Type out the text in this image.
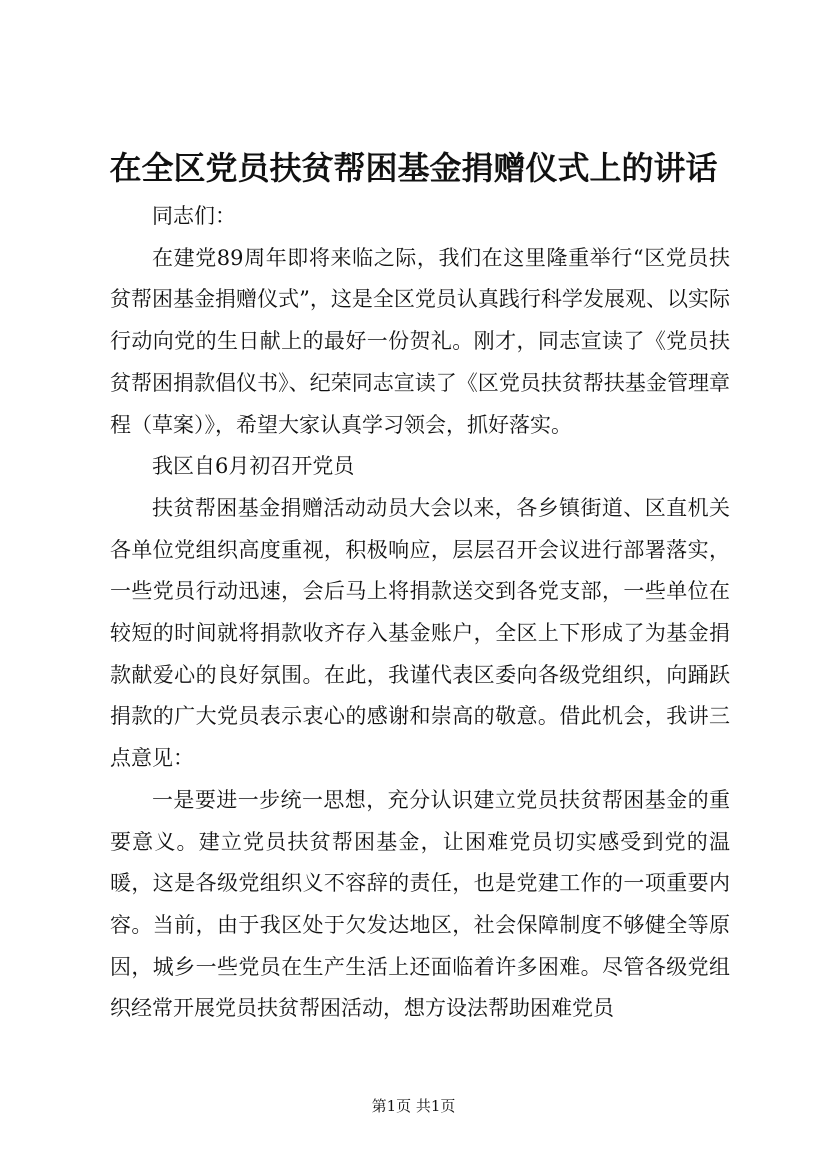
在全区党员扶贫帮困基金捐赠仪式上的讲话

同志们：

在建党89周年即将来临之际，我们在这里隆重举行“区党员扶贫帮困基金捐赠仪式”，这是全区党员认真践行科学发展观、以实际行动向党的生日献上的最好一份贺礼。刚才，同志宣读了《党员扶贫帮困捐款倡仪书》、纪荣同志宣读了《区党员扶贫帮扶基金管理章程（草案）》，希望大家认真学习领会，抓好落实。

我区自6月初召开党员

扶贫帮困基金捐赠活动动员大会以来，各乡镇街道、区直机关各单位党组织高度重视，积极响应，层层召开会议进行部署落实，一些党员行动迅速，会后马上将捐款送交到各党支部，一些单位在较短的时间就将捐款收齐存入基金账户，全区上下形成了为基金捐款献爱心的良好氛围。在此，我谨代表区委向各级党组织，向踊跃捐款的广大党员表示衷心的感谢和崇高的敬意。借此机会，我讲三点意见：

一是要进一步统一思想，充分认识建立党员扶贫帮困基金的重要意义。建立党员扶贫帮困基金，让困难党员切实感受到党的温暖，这是各级党组织义不容辞的责任，也是党建工作的一项重要内容。当前，由于我区处于欠发达地区，社会保障制度不够健全等原因，城乡一些党员在生产生活上还面临着许多困难。尽管各级党组织经常开展党员扶贫帮困活动，想方设法帮助困难党员

第1页 共1页
